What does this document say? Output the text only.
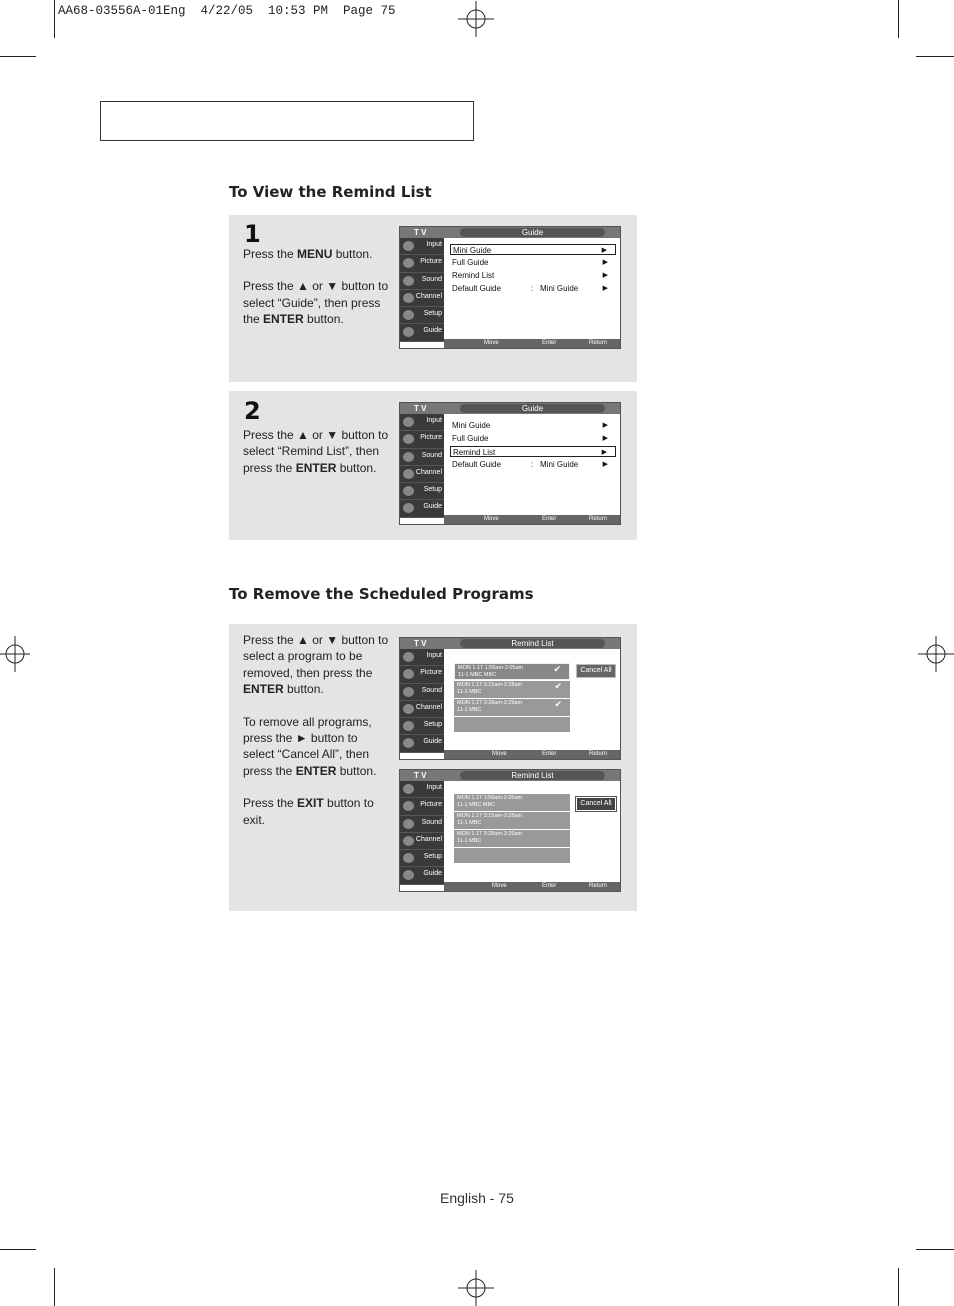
AA68-03556A-01Eng  4/22/05  10:53 PM  Page 75
To View the Remind List
1

Press the MENU button.

Press the ▲ or ▼ button to select “Guide”, then press the ENTER button.

T V	Guide
Input
Picture
Sound
Channel
Setup
Guide
Mini Guide	▶
Full Guide	▶
Remind List	▶
Default Guide	: Mini Guide	▶
Move	Enter	Return
2

Press the ▲ or ▼ button to select “Remind List”, then press the ENTER button.

T V	Guide
Input
Picture
Sound
Channel
Setup
Guide
Mini Guide	▶
Full Guide	▶
Remind List	▶
Default Guide	: Mini Guide	▶
Move	Enter	Return
To Remove the Scheduled Programs

Press the ▲ or ▼ button to select a program to be removed, then press the ENTER button.

To remove all programs, press the ► button to select “Cancel All”, then press the ENTER button.

Press the EXIT button to exit.

T V	Remind List
Input
Picture
Sound
Channel
Setup
Guide
MON 1.17 1:56am-2:05am
11-1 MBC MBC
✔
MON 1.17 3:15am-3:28am
11-1 MBC
✔
MON 1.17 3:28am-3:29am
11-1 MBC
✔
Cancel All
Move	Enter	Return
T V	Remind List
Input
Picture
Sound
Channel
Setup
Guide
MON 1.17 1:56am-2:05am
11-1 MBC MBC
MON 1.17 3:15am-3:28am
11-1 MBC
MON 1.17 3:28am-3:29am
11-1 MBC
Cancel All
Move	Enter	Return
English - 75
